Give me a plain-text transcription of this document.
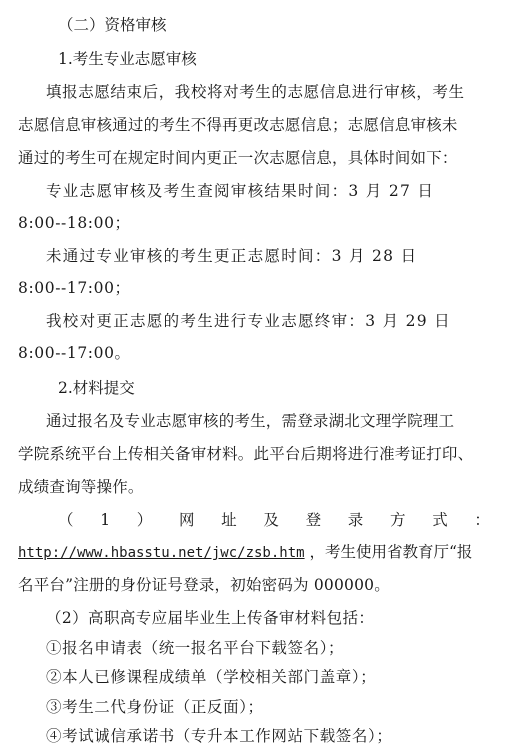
（二）资格审核
1.考生专业志愿审核
填报志愿结束后，我校将对考生的志愿信息进行审核，考生
志愿信息审核通过的考生不得再更改志愿信息；志愿信息审核未
通过的考生可在规定时间内更正一次志愿信息，具体时间如下：
专业志愿审核及考生查阅审核结果时间：3 月 27 日
8:00--18:00；
未通过专业审核的考生更正志愿时间：3 月 28 日
8:00--17:00；
我校对更正志愿的考生进行专业志愿终审：3 月 29 日
8:00--17:00。
2.材料提交
通过报名及专业志愿审核的考生，需登录湖北文理学院理工
学院系统平台上传相关备审材料。此平台后期将进行准考证打印、
成绩查询等操作。
（ 1 ） 网 址 及 登 录 方 式 ：
http://www.hbasstu.net/jwc/zsb.htm ，考生使用省教育厅“报
名平台”注册的身份证号登录，初始密码为 000000。
（2）高职高专应届毕业生上传备审材料包括：
①报名申请表（统一报名平台下载签名）；
②本人已修课程成绩单（学校相关部门盖章）；
③考生二代身份证（正反面）；
④考试诚信承诺书（专升本工作网站下载签名）；
